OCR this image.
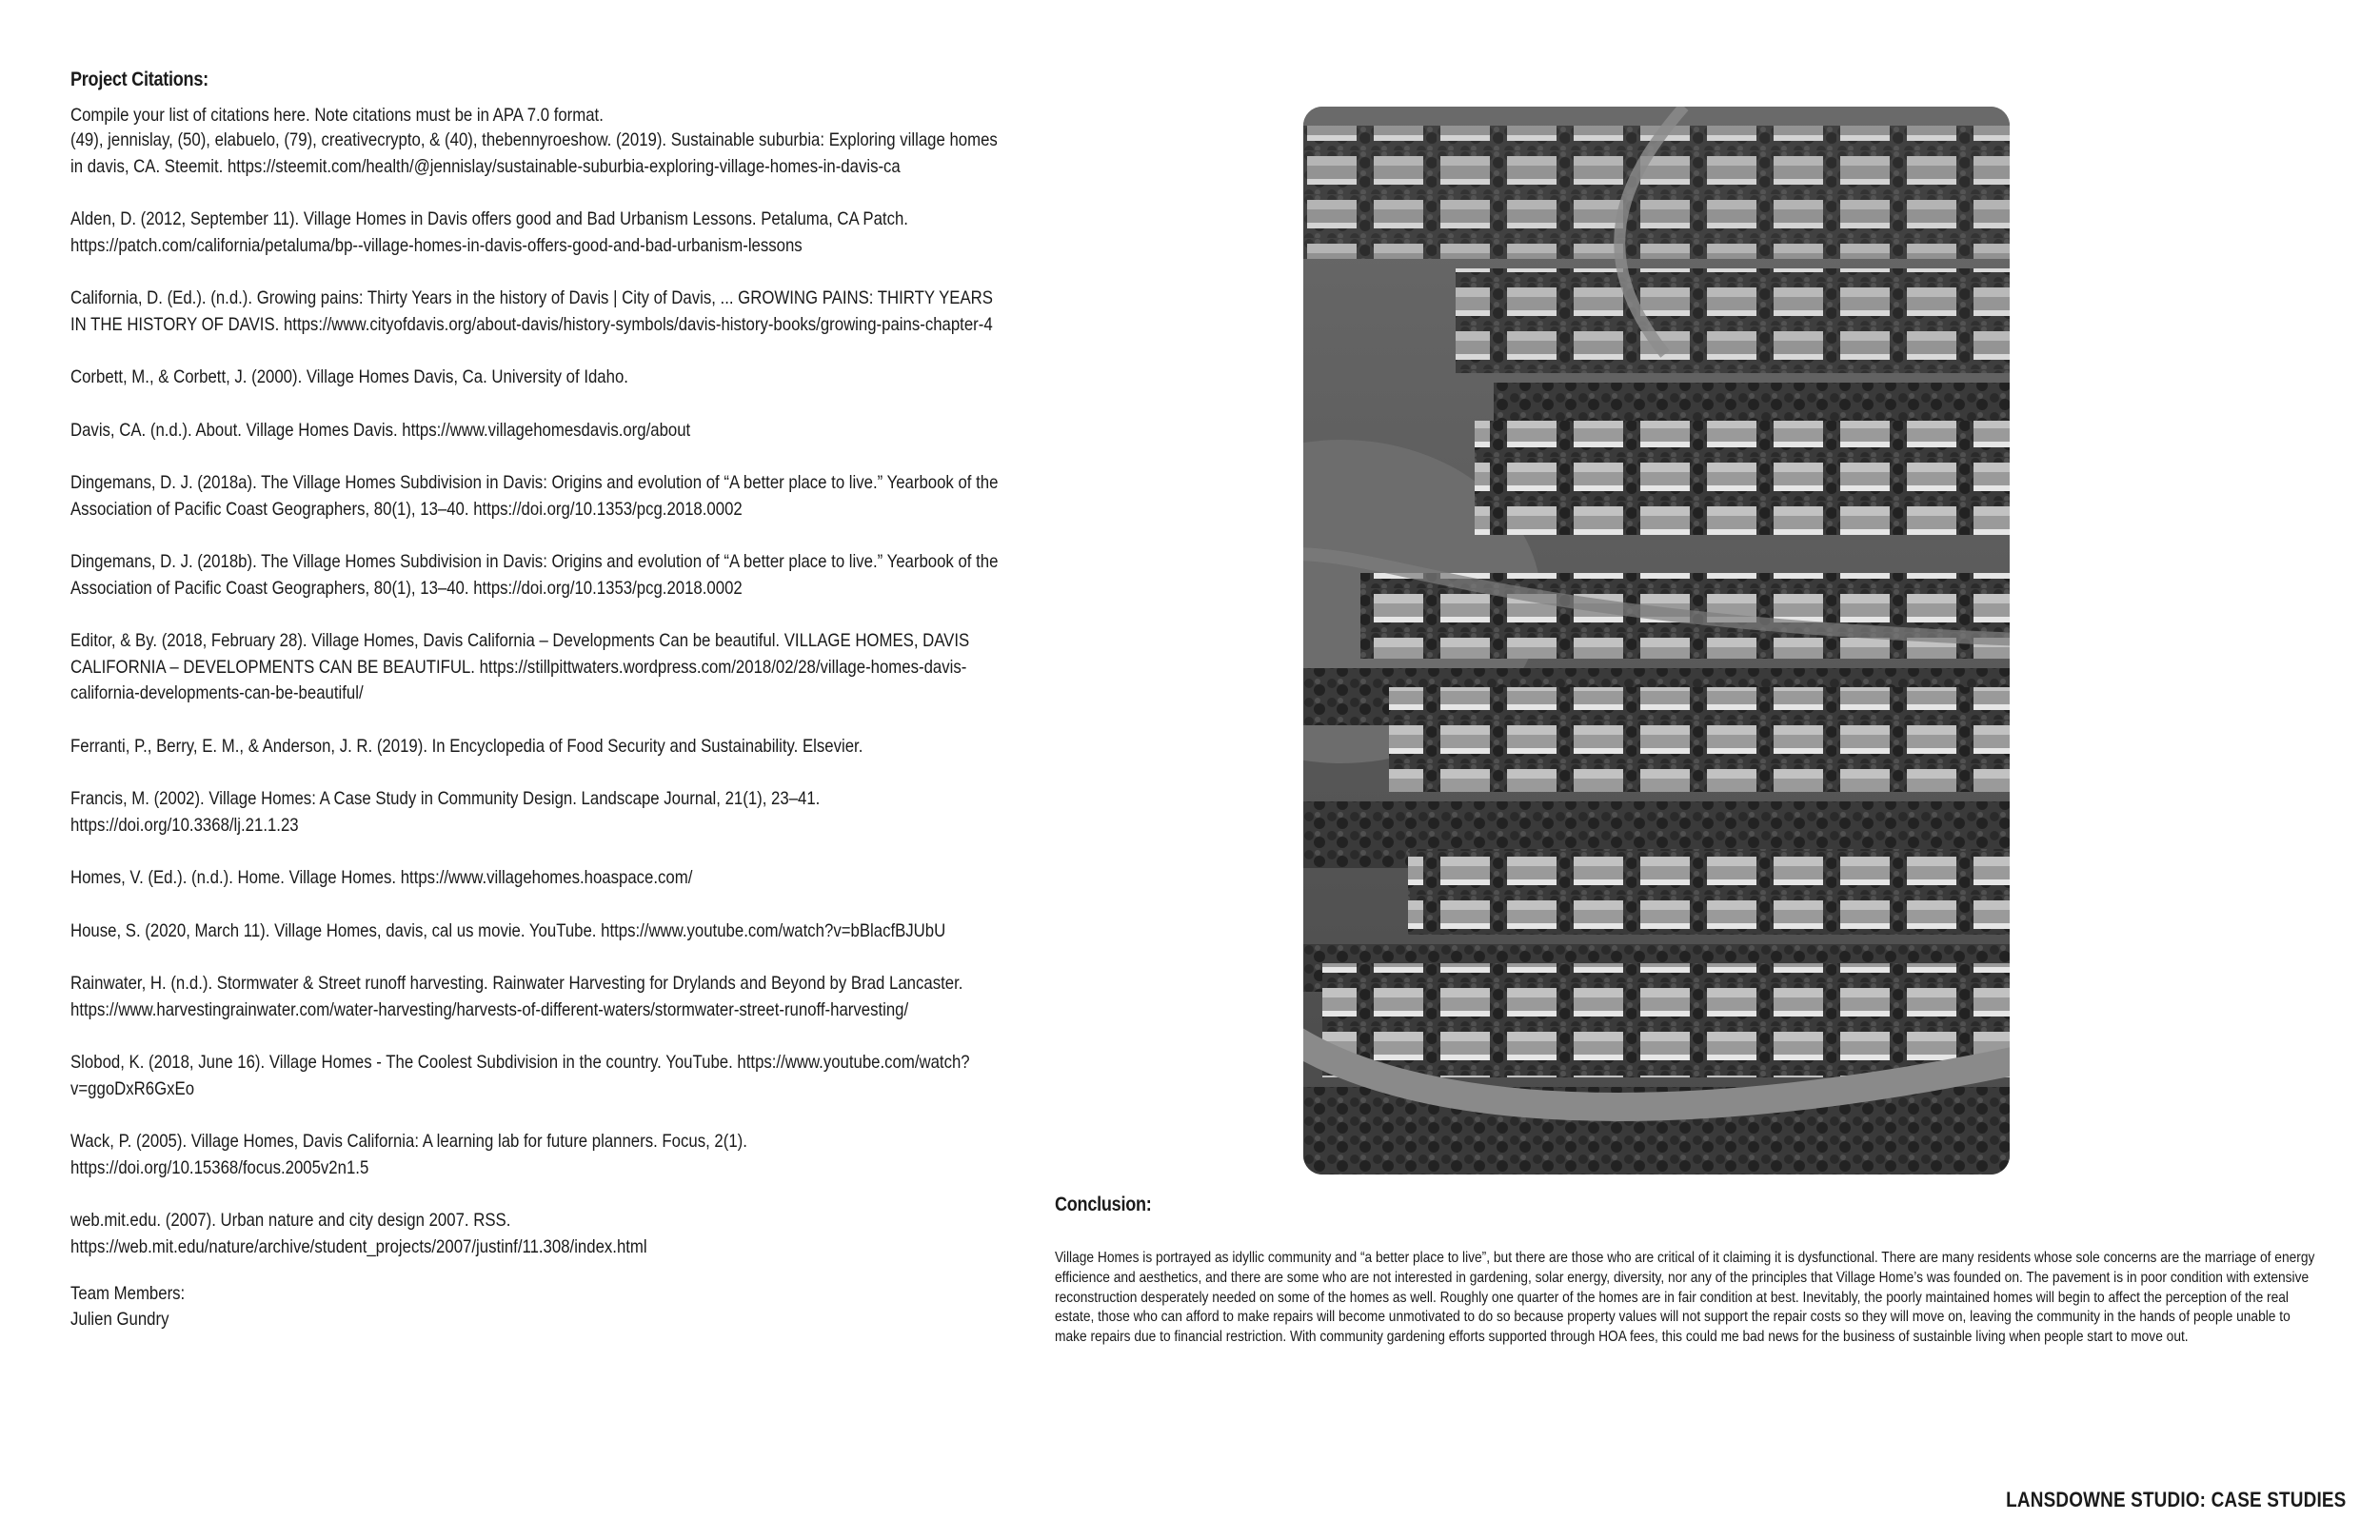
Project Citations:

Compile your list of citations here. Note citations must be in APA 7.0 format.

(49), jennislay, (50), elabuelo, (79), creativecrypto, & (40), thebennyroeshow. (2019). Sustainable suburbia: Exploring village homes in davis, CA. Steemit. https://steemit.com/health/@jennislay/sustainable-suburbia-exploring-village-homes-in-davis-ca
Alden, D. (2012, September 11). Village Homes in Davis offers good and Bad Urbanism Lessons. Petaluma, CA Patch. https://patch.com/california/petaluma/bp--village-homes-in-davis-offers-good-and-bad-urbanism-lessons
California, D. (Ed.). (n.d.). Growing pains: Thirty Years in the history of Davis | City of Davis, ... GROWING PAINS: THIRTY YEARS IN THE HISTORY OF DAVIS. https://www.cityofdavis.org/about-davis/history-symbols/davis-history-books/growing-pains-chapter-4
Corbett, M., & Corbett, J. (2000). Village Homes Davis, Ca. University of Idaho.
Davis, CA. (n.d.). About. Village Homes Davis. https://www.villagehomesdavis.org/about
Dingemans, D. J. (2018a). The Village Homes Subdivision in Davis: Origins and evolution of “A better place to live.” Yearbook of the Association of Pacific Coast Geographers, 80(1), 13–40. https://doi.org/10.1353/pcg.2018.0002
Dingemans, D. J. (2018b). The Village Homes Subdivision in Davis: Origins and evolution of “A better place to live.” Yearbook of the Association of Pacific Coast Geographers, 80(1), 13–40. https://doi.org/10.1353/pcg.2018.0002
Editor, & By. (2018, February 28). Village Homes, Davis California – Developments Can be beautiful. VILLAGE HOMES, DAVIS CALIFORNIA – DEVELOPMENTS CAN BE BEAUTIFUL. https://stillpittwaters.wordpress.com/2018/02/28/village-homes-davis-california-developments-can-be-beautiful/
Ferranti, P., Berry, E. M., & Anderson, J. R. (2019). In Encyclopedia of Food Security and Sustainability. Elsevier.
Francis, M. (2002). Village Homes: A Case Study in Community Design. Landscape Journal, 21(1), 23–41. https://doi.org/10.3368/lj.21.1.23
Homes, V. (Ed.). (n.d.). Home. Village Homes. https://www.villagehomes.hoaspace.com/
House, S. (2020, March 11). Village Homes, davis, cal us movie. YouTube. https://www.youtube.com/watch?v=bBlacfBJUbU
Rainwater, H. (n.d.). Stormwater & Street runoff harvesting. Rainwater Harvesting for Drylands and Beyond by Brad Lancaster. https://www.harvestingrainwater.com/water-harvesting/harvests-of-different-waters/stormwater-street-runoff-harvesting/
Slobod, K. (2018, June 16). Village Homes - The Coolest Subdivision in the country. YouTube. https://www.youtube.com/watch?v=ggoDxR6GxEo
Wack, P. (2005). Village Homes, Davis California: A learning lab for future planners. Focus, 2(1). https://doi.org/10.15368/focus.2005v2n1.5
web.mit.edu. (2007). Urban nature and city design 2007. RSS. https://web.mit.edu/nature/archive/student_projects/2007/justinf/11.308/index.html
Team Members:
Julien Gundry
Conclusion:

Village Homes is portrayed as idyllic community and “a better place to live”, but there are those who are critical of it claiming it is dysfunctional. There are many residents whose sole concerns are the marriage of energy efficience and aesthetics, and there are some who are not interested in gardening, solar energy, diversity, nor any of the principles that Village Home’s was founded on. The pavement is in poor condition with extensive reconstruction desperately needed on some of the homes as well. Roughly one quarter of the homes are in fair condition at best. Inevitably, the poorly maintained homes will begin to affect the perception of the real estate, those who can afford to make repairs will become unmotivated to do so because property values will not support the repair costs so they will move on, leaving the community in the hands of people unable to make repairs due to financial restriction. With community gardening efforts supported through HOA fees, this could me bad news for the business of sustainble living when people start to move out.

LANSDOWNE STUDIO: CASE STUDIES
